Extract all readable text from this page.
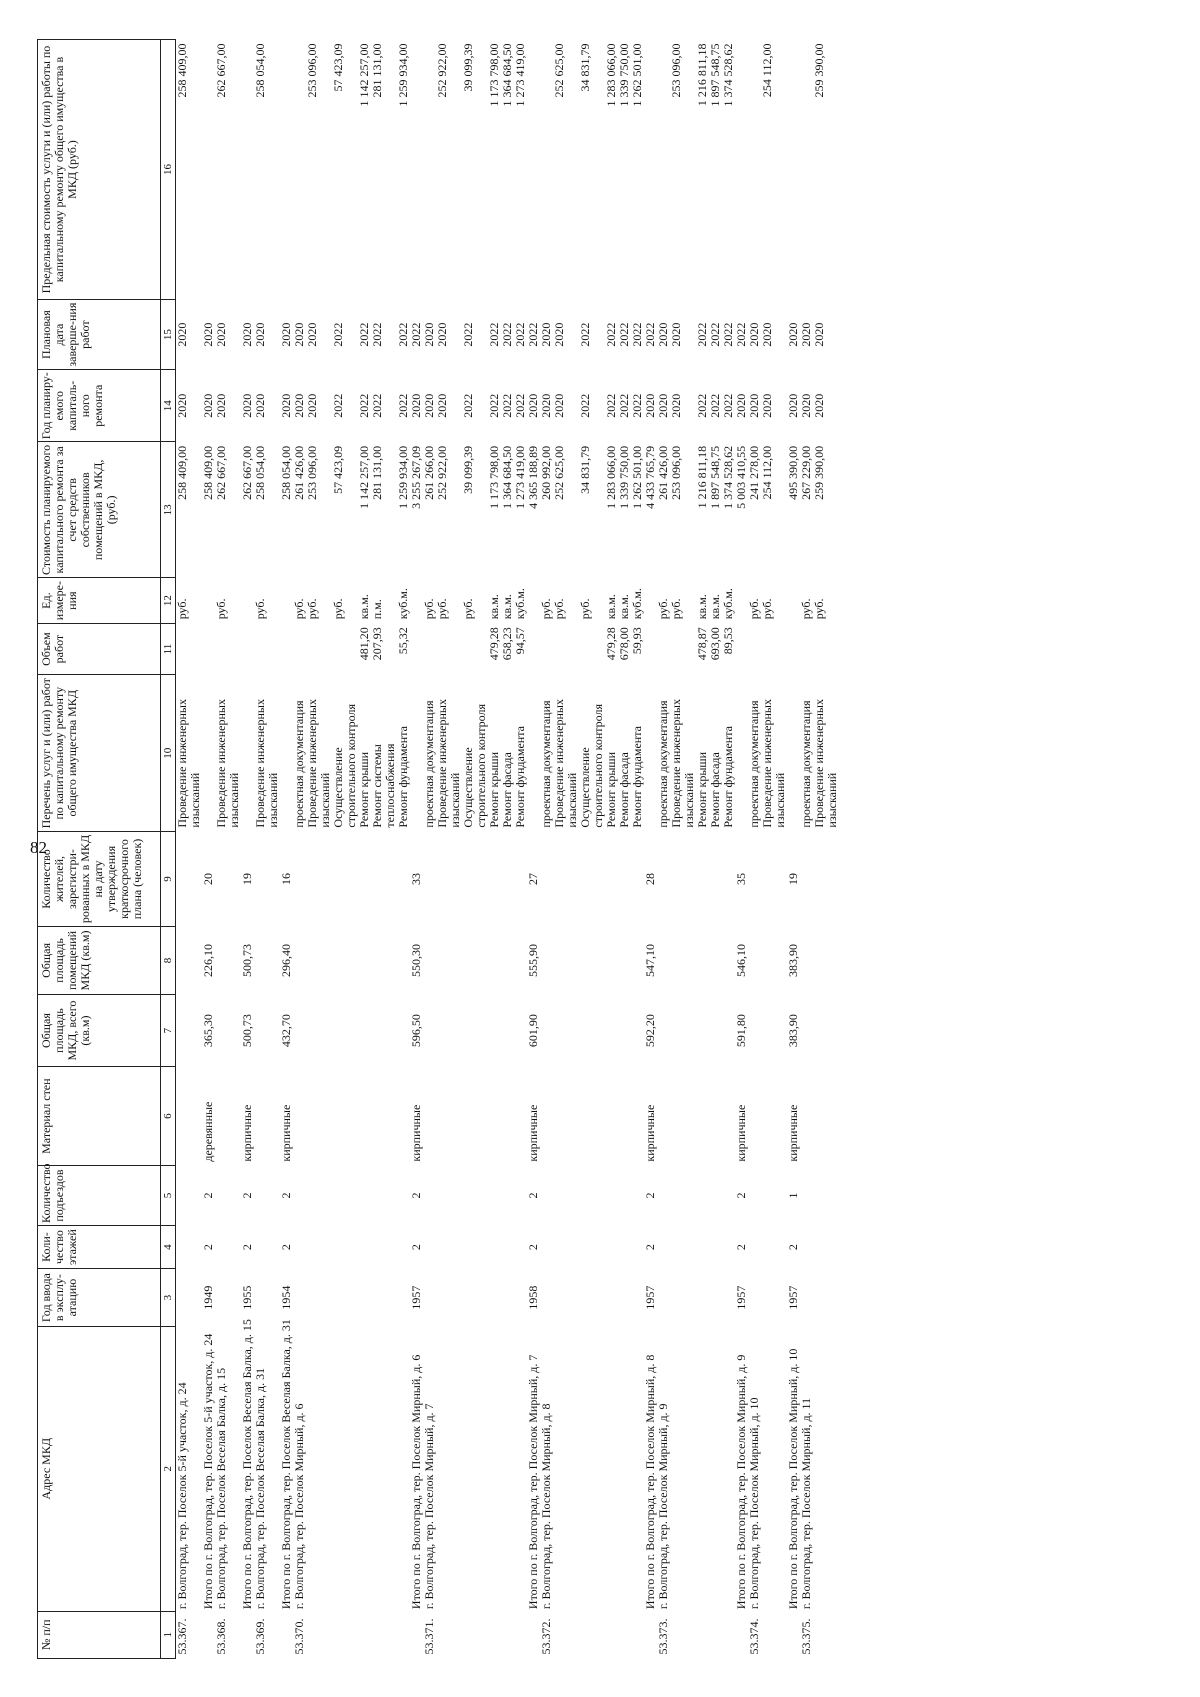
82
№ п/п	Адрес МКД	Год ввода в эксплу-атацию	Коли-чество этажей	Количество подъездов	Материал стен	Общая площадь МКД, всего (кв.м)	Общая площадь помещений МКД (кв.м)	Количество жителей, зарегистри-рованных в МКД на дату утверждения краткосрочного плана (человек)	Перечень услуг и (или) работ по капитальному ремонту общего имущества МКД	Объем работ	Ед. измере-ния	Стоимость планируемого капитального ремонта за счет средств собственников помещений в МКД, (руб.)	Год планиру-емого капиталь-ного ремонта	Плановая дата заверше-ния работ	Предельная стоимость услуги и (или) работы по капитальному ремонту общего имущества в МКД (руб.)
1	2	3	4	5	6	7	8	9	10	11	12	13	14	15	16
53.367.	г. Волгоград, тер. Поселок 5-й участок, д. 24								Проведение инженерных изысканий		руб.	258 409,00	2020	2020	258 409,00

	Итого по г. Волгоград, тер. Поселок 5-й участок, д. 24	1949	2	2	деревянные	365,30	226,10	20				258 409,00	2020	2020	
53.368.	г. Волгоград, тер. Поселок Веселая Балка, д. 15								Проведение инженерных изысканий		руб.	262 667,00	2020	2020	262 667,00

	Итого по г. Волгоград, тер. Поселок Веселая Балка, д. 15	1955	2	2	кирпичные	500,73	500,73	19				262 667,00	2020	2020	
53.369.	г. Волгоград, тер. Поселок Веселая Балка, д. 31								Проведение инженерных изысканий		руб.	258 054,00	2020	2020	258 054,00

	Итого по г. Волгоград, тер. Поселок Веселая Балка, д. 31	1954	2	2	кирпичные	432,70	296,40	16				258 054,00	2020	2020	
53.370.	г. Волгоград, тер. Поселок Мирный, д. 6								проектная документация		руб.	261 426,00	2020	2020	
									Проведение инженерных изысканий		руб.	253 096,00	2020	2020	253 096,00
									Осуществление строительного контроля		руб.	57 423,09	2022	2022	57 423,09
									Ремонт крыши	481,20	кв.м.	1 142 257,00	2022	2022	1 142 257,00
									Ремонт системы теплоснабжения	207,93	п.м.	281 131,00	2022	2022	281 131,00
									Ремонт фундамента	55,32	куб.м.	1 259 934,00	2022	2022	1 259 934,00
	Итого по г. Волгоград, тер. Поселок Мирный, д. 6	1957	2	2	кирпичные	596,50	550,30	33				3 255 267,09	2020	2022	
53.371.	г. Волгоград, тер. Поселок Мирный, д. 7								проектная документация		руб.	261 266,00	2020	2020	
									Проведение инженерных изысканий		руб.	252 922,00	2020	2020	252 922,00
									Осуществление строительного контроля		руб.	39 099,39	2022	2022	39 099,39
									Ремонт крыши	479,28	кв.м.	1 173 798,00	2022	2022	1 173 798,00
									Ремонт фасада	658,23	кв.м.	1 364 684,50	2022	2022	1 364 684,50
									Ремонт фундамента	94,57	куб.м.	1 273 419,00	2022	2022	1 273 419,00
	Итого по г. Волгоград, тер. Поселок Мирный, д. 7	1958	2	2	кирпичные	601,90	555,90	27				4 365 188,89	2020	2022	
53.372.	г. Волгоград, тер. Поселок Мирный, д. 8								проектная документация		руб.	260 992,00	2020	2020	
									Проведение инженерных изысканий		руб.	252 625,00	2020	2020	252 625,00
									Осуществление строительного контроля		руб.	34 831,79	2022	2022	34 831,79
									Ремонт крыши	479,28	кв.м.	1 283 066,00	2022	2022	1 283 066,00
									Ремонт фасада	678,00	кв.м.	1 339 750,00	2022	2022	1 339 750,00
									Ремонт фундамента	59,93	куб.м.	1 262 501,00	2022	2022	1 262 501,00
	Итого по г. Волгоград, тер. Поселок Мирный, д. 8	1957	2	2	кирпичные	592,20	547,10	28				4 433 765,79	2020	2022	
53.373.	г. Волгоград, тер. Поселок Мирный, д. 9								проектная документация		руб.	261 426,00	2020	2020	
									Проведение инженерных изысканий		руб.	253 096,00	2020	2020	253 096,00
									Ремонт крыши	478,87	кв.м.	1 216 811,18	2022	2022	1 216 811,18
									Ремонт фасада	693,00	кв.м.	1 897 548,75	2022	2022	1 897 548,75
									Ремонт фундамента	89,53	куб.м.	1 374 528,62	2022	2022	1 374 528,62
	Итого по г. Волгоград, тер. Поселок Мирный, д. 9	1957	2	2	кирпичные	591,80	546,10	35				5 003 410,55	2020	2022	
53.374.	г. Волгоград, тер. Поселок Мирный, д. 10								проектная документация		руб.	241 278,00	2020	2020	
									Проведение инженерных изысканий		руб.	254 112,00	2020	2020	254 112,00
	Итого по г. Волгоград, тер. Поселок Мирный, д. 10	1957	2	1	кирпичные	383,90	383,90	19				495 390,00	2020	2020	
53.375.	г. Волгоград, тер. Поселок Мирный, д. 11								проектная документация		руб.	267 229,00	2020	2020	
									Проведение инженерных изысканий		руб.	259 390,00	2020	2020	259 390,00
